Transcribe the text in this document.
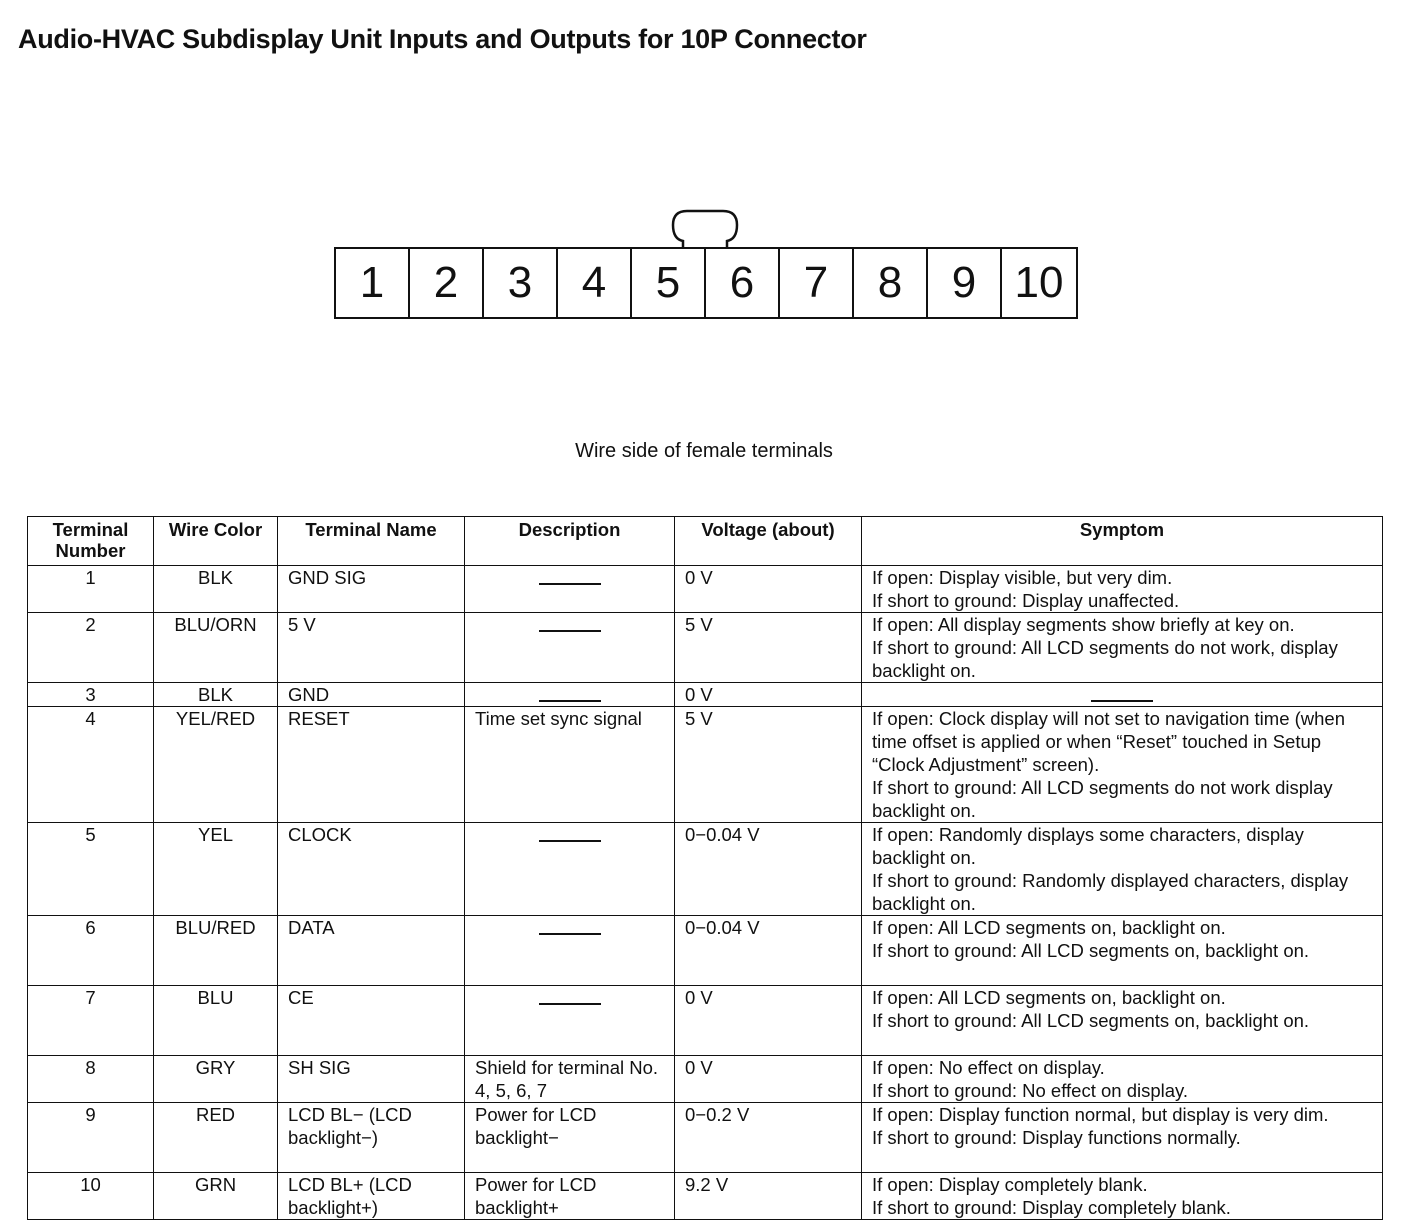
Audio-HVAC Subdisplay Unit Inputs and Outputs for 10P Connector
1	2	3	4	5	6	7	8	9 10
Wire side of female terminals
Terminal Number	Wire Color	Terminal Name	Description	Voltage (about)	Symptom
1	BLK	GND SIG		0 V	If open: Display visible, but very dim.
If short to ground: Display unaffected.
2	BLU/ORN	5 V		5 V	If open: All display segments show briefly at key on.
If short to ground: All LCD segments do not work, display backlight on.
3	BLK	GND		0 V	
4	YEL/RED	RESET	Time set sync signal	5 V	If open: Clock display will not set to navigation time (when time offset is applied or when “Reset” touched in Setup “Clock Adjustment” screen).
If short to ground: All LCD segments do not work display backlight on.
5	YEL	CLOCK		0−0.04 V	If open: Randomly displays some characters, display backlight on.
If short to ground: Randomly displayed characters, display backlight on.
6	BLU/RED	DATA		0−0.04 V	If open: All LCD segments on, backlight on.
If short to ground: All LCD segments on, backlight on.
7	BLU	CE		0 V	If open: All LCD segments on, backlight on.
If short to ground: All LCD segments on, backlight on.
8	GRY	SH SIG	Shield for terminal No. 4, 5, 6, 7	0 V	If open: No effect on display.
If short to ground: No effect on display.
9	RED	LCD BL− (LCD backlight−)	Power for LCD backlight−	0−0.2 V	If open: Display function normal, but display is very dim.
If short to ground: Display functions normally.
10	GRN	LCD BL+ (LCD backlight+)	Power for LCD backlight+	9.2 V	If open: Display completely blank.
If short to ground: Display completely blank.
